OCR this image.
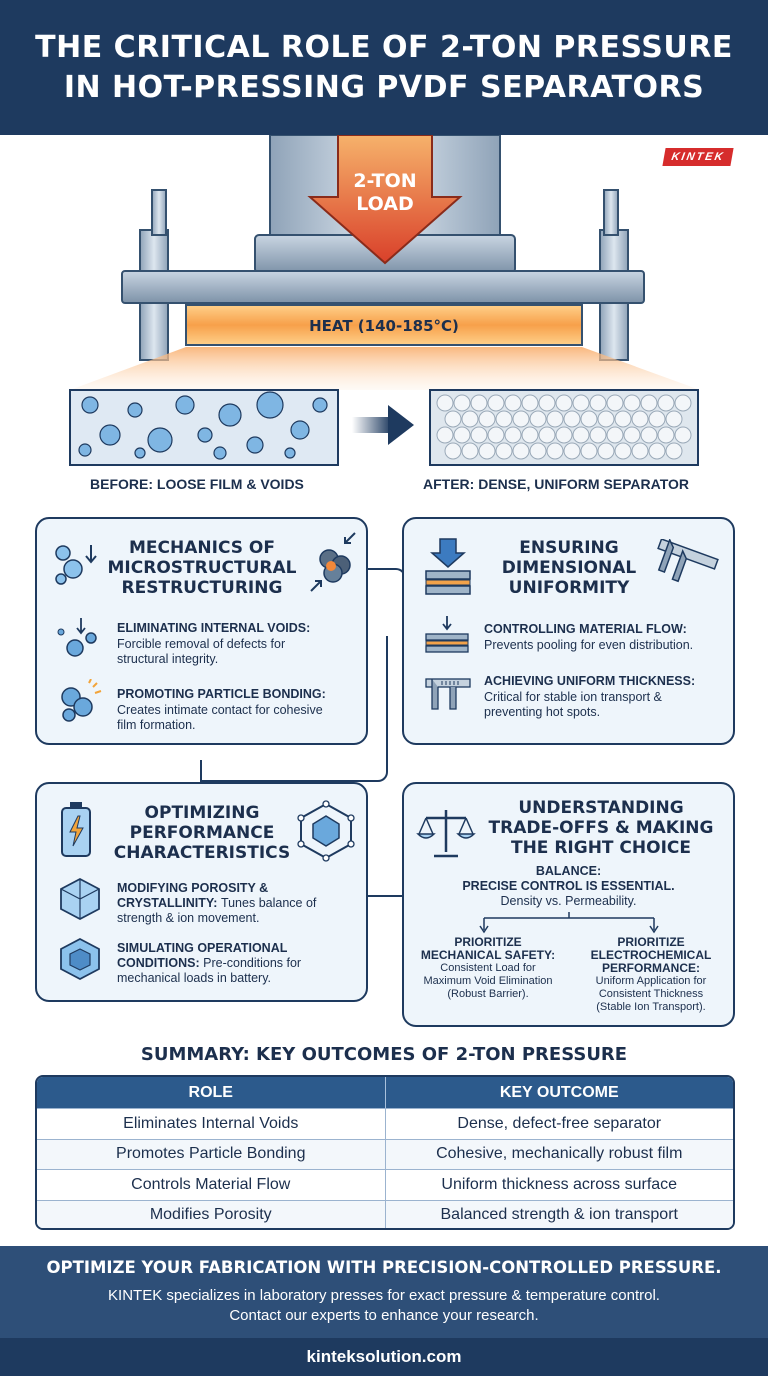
THE CRITICAL ROLE OF 2-TON PRESSURE
IN HOT-PRESSING PVDF SEPARATORS
KINTEK
2-TON
LOAD
HEAT (140-185°C)
BEFORE: LOOSE FILM & VOIDS	AFTER: DENSE, UNIFORM SEPARATOR
MECHANICS OF
MICROSTRUCTURAL
RESTRUCTURING
ELIMINATING INTERNAL VOIDS:
Forcible removal of defects for
structural integrity.
PROMOTING PARTICLE BONDING:
Creates intimate contact for cohesive
film formation.
ENSURING
DIMENSIONAL
UNIFORMITY
CONTROLLING MATERIAL FLOW:
Prevents pooling for even distribution.
ACHIEVING UNIFORM THICKNESS:
Critical for stable ion transport &
preventing hot spots.
OPTIMIZING
PERFORMANCE
CHARACTERISTICS
MODIFYING POROSITY &
CRYSTALLINITY: Tunes balance of
strength & ion movement.
SIMULATING OPERATIONAL
CONDITIONS: Pre-conditions for
mechanical loads in battery.
UNDERSTANDING
TRADE-OFFS & MAKING
THE RIGHT CHOICE
BALANCE:
PRECISE CONTROL IS ESSENTIAL.
Density vs. Permeability.
PRIORITIZE
MECHANICAL SAFETY:
Consistent Load for
Maximum Void Elimination
(Robust Barrier).
PRIORITIZE
ELECTROCHEMICAL
PERFORMANCE:
Uniform Application for
Consistent Thickness
(Stable Ion Transport).
SUMMARY: KEY OUTCOMES OF 2-TON PRESSURE
ROLE	KEY OUTCOME
Eliminates Internal Voids	Dense, defect-free separator
Promotes Particle Bonding	Cohesive, mechanically robust film
Controls Material Flow	Uniform thickness across surface
Modifies Porosity	Balanced strength & ion transport
OPTIMIZE YOUR FABRICATION WITH PRECISION-CONTROLLED PRESSURE.
KINTEK specializes in laboratory presses for exact pressure & temperature control.
Contact our experts to enhance your research.
kinteksolution.com
